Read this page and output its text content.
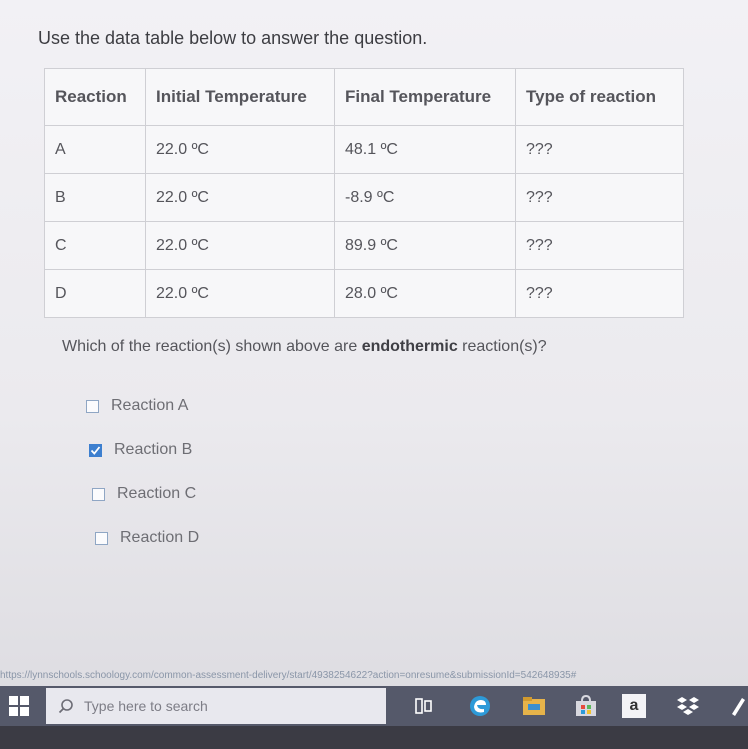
Use the data table below to answer the question.
Reaction	Initial Temperature	Final Temperature	Type of reaction
A	22.0 ºC	48.1 ºC	???
B	22.0 ºC	-8.9 ºC	???
C	22.0 ºC	89.9 ºC	???
D	22.0 ºC	28.0 ºC	???
Which of the reaction(s) shown above are endothermic reaction(s)?
Reaction A
Reaction B
Reaction C
Reaction D
https://lynnschools.schoology.com/common-assessment-delivery/start/4938254622?action=onresume&submissionId=542648935#
Type here to search	a
